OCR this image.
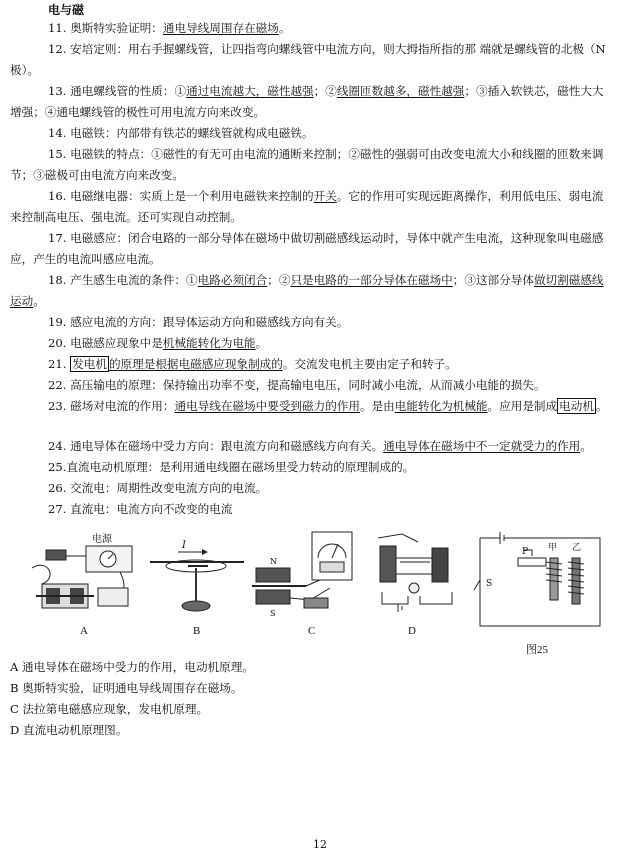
电与磁
11. 奥斯特实验证明：通电导线周围存在磁场。
12. 安培定则：用右手握螺线管，让四指弯向螺线管中电流方向，则大拇指所指的那 端就是螺线管的北极（N
极）。
13. 通电螺线管的性质：①通过电流越大，磁性越强；②线圈匝数越多，磁性越强；③插入软铁芯，磁性大大
增强；④通电螺线管的极性可用电流方向来改变。
14. 电磁铁：内部带有铁芯的螺线管就构成电磁铁。
15. 电磁铁的特点：①磁性的有无可由电流的通断来控制；②磁性的强弱可由改变电流大小和线圈的匝数来调
节；③磁极可由电流方向来改变。
16. 电磁继电器：实质上是一个利用电磁铁来控制的开关。它的作用可实现远距离操作，利用低电压、弱电流
来控制高电压、强电流。还可实现自动控制。
17. 电磁感应：闭合电路的一部分导体在磁场中做切割磁感线运动时，导体中就产生电流，这种现象叫电磁感
应，产生的电流叫感应电流。
18. 产生感生电流的条件：①电路必须闭合；②只是电路的一部分导体在磁场中；③这部分导体做切割磁感线
运动。
19. 感应电流的方向：跟导体运动方向和磁感线方向有关。
20. 电磁感应现象中是机械能转化为电能。
21. 发电机 的原理是根据电磁感应现象制成的。交流发电机主要由定子和转子。
22. 高压输电的原理：保持输出功率不变，提高输电电压，同时减小电流，从而减小电能的损失。
23. 磁场对电流的作用：通电导线在磁场中要受到磁力的作用。是由电能转化为机械能。应用是制成 电动机 。
24. 通电导体在磁场中受力方向：跟电流方向和磁感线方向有关。通电导体在磁场中不一定就受力的作用。
25.直流电动机原理：是利用通电线圈在磁场里受力转动的原理制成的。
26. 交流电：周期性改变电流方向的电流。
27. 直流电：电流方向不改变的电流
电源
A
I
B
N
S
C	D
P 甲 乙
S
图25
A 通电导体在磁场中受力的作用，电动机原理。
B 奥斯特实验，证明通电导线周围存在磁场。
C 法拉第电磁感应现象，发电机原理。
D 直流电动机原理图。
12
